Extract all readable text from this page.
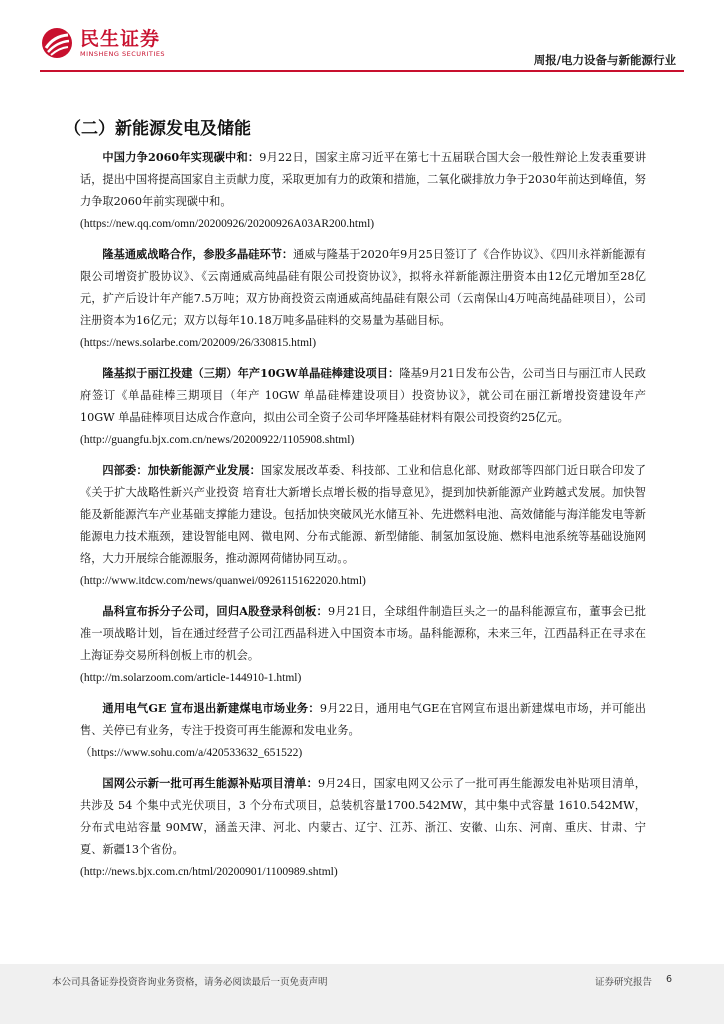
民生证券
MINSHENG SECURITIES	周报/电力设备与新能源行业
（二）新能源发电及储能

中国力争2060年实现碳中和：9月22日，国家主席习近平在第七十五届联合国大会一般性辩论上发表重要讲话，提出中国将提高国家自主贡献力度，采取更加有力的政策和措施，二氧化碳排放力争于2030年前达到峰值，努力争取2060年前实现碳中和。

(https://new.qq.com/omn/20200926/20200926A03AR200.html)

隆基通威战略合作，参股多晶硅环节：通威与隆基于2020年9月25日签订了《合作协议》、《四川永祥新能源有限公司增资扩股协议》、《云南通威高纯晶硅有限公司投资协议》，拟将永祥新能源注册资本由12亿元增加至28亿元，扩产后设计年产能7.5万吨；双方协商投资云南通威高纯晶硅有限公司（云南保山4万吨高纯晶硅项目），公司注册资本为16亿元；双方以每年10.18万吨多晶硅料的交易量为基础目标。

(https://news.solarbe.com/202009/26/330815.html)

隆基拟于丽江投建（三期）年产10GW单晶硅棒建设项目：隆基9月21日发布公告，公司当日与丽江市人民政府签订《单晶硅棒三期项目（年产 10GW 单晶硅棒建设项目）投资协议》，就公司在丽江新增投资建设年产 10GW 单晶硅棒项目达成合作意向，拟由公司全资子公司华坪隆基硅材料有限公司投资约25亿元。

(http://guangfu.bjx.com.cn/news/20200922/1105908.shtml)

四部委：加快新能源产业发展：国家发展改革委、科技部、工业和信息化部、财政部等四部门近日联合印发了《关于扩大战略性新兴产业投资 培育壮大新增长点增长极的指导意见》，提到加快新能源产业跨越式发展。加快智能及新能源汽车产业基础支撑能力建设。包括加快突破风光水储互补、先进燃料电池、高效储能与海洋能发电等新能源电力技术瓶颈，建设智能电网、微电网、分布式能源、新型储能、制氢加氢设施、燃料电池系统等基础设施网络，大力开展综合能源服务，推动源网荷储协同互动。。

(http://www.itdcw.com/news/quanwei/09261151622020.html)

晶科宣布拆分子公司，回归A股登录科创板：9月21日，全球组件制造巨头之一的晶科能源宣布，董事会已批准一项战略计划，旨在通过经营子公司江西晶科进入中国资本市场。晶科能源称，未来三年，江西晶科正在寻求在上海证券交易所科创板上市的机会。

(http://m.solarzoom.com/article-144910-1.html)

通用电气GE 宣布退出新建煤电市场业务：9月22日，通用电气GE在官网宣布退出新建煤电市场，并可能出售、关停已有业务，专注于投资可再生能源和发电业务。

（https://www.sohu.com/a/420533632_651522)

国网公示新一批可再生能源补贴项目清单：9月24日，国家电网又公示了一批可再生能源发电补贴项目清单，共涉及 54 个集中式光伏项目，3 个分布式项目，总装机容量1700.542MW，其中集中式容量 1610.542MW，分布式电站容量 90MW，涵盖天津、河北、内蒙古、辽宁、江苏、浙江、安徽、山东、河南、重庆、甘肃、宁夏、新疆13个省份。

(http://news.bjx.com.cn/html/20200901/1100989.shtml)

本公司具备证券投资咨询业务资格，请务必阅读最后一页免责声明	证券研究报告 6
